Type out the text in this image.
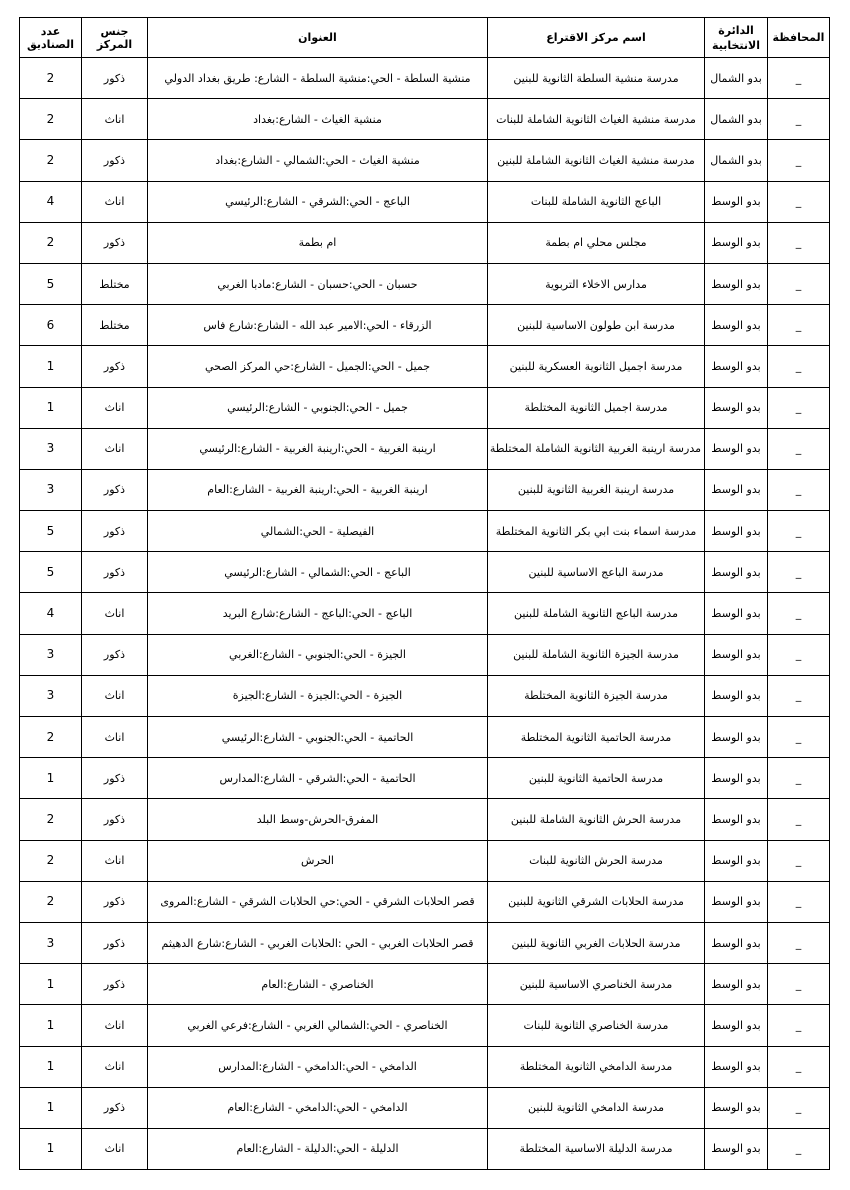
المحافظة	الدائرة الانتخابية	اسم مركز الاقتراع	العنوان	جنس المركز	عدد الصناديق
_	بدو الشمال	مدرسة منشية السلطة الثانوية للبنين	منشية السلطة - الحي:منشية السلطة - الشارع: طريق بغداد الدولي	ذكور	2
_	بدو الشمال	مدرسة منشية الغياث الثانوية الشاملة للبنات	منشية الغياث - الشارع:بغداد	اناث	2
_	بدو الشمال	مدرسة منشية الغياث الثانوية الشاملة للبنين	منشية الغياث - الحي:الشمالي - الشارع:بغداد	ذكور	2
_	بدو الوسط	الباعج الثانوية الشاملة للبنات	الباعج - الحي:الشرقي - الشارع:الرئيسي	اناث	4
_	بدو الوسط	مجلس محلي ام بطمة	ام بطمة	ذكور	2
_	بدو الوسط	مدارس الاخلاء التربوية	حسبان - الحي:حسبان - الشارع:مادبا الغربي	مختلط	5
_	بدو الوسط	مدرسة ابن طولون الاساسية للبنين	الزرقاء - الحي:الامير عبد الله - الشارع:شارع فاس	مختلط	6
_	بدو الوسط	مدرسة اجميل الثانوية العسكرية للبنين	جميل - الحي:الجميل - الشارع:حي المركز الصحي	ذكور	1
_	بدو الوسط	مدرسة اجميل الثانوية المختلطة	جميل - الحي:الجنوبي - الشارع:الرئيسي	اناث	1
_	بدو الوسط	مدرسة ارينبة الغربية الثانوية الشاملة المختلطة	ارينبة الغربية - الحي:ارينبة الغربية - الشارع:الرئيسي	اناث	3
_	بدو الوسط	مدرسة ارينبة الغربية الثانوية للبنين	ارينبة الغربية - الحي:ارينبة الغربية - الشارع:العام	ذكور	3
_	بدو الوسط	مدرسة اسماء بنت ابي بكر الثانوية المختلطة	الفيصلية - الحي:الشمالي	ذكور	5
_	بدو الوسط	مدرسة الباعج الاساسية للبنين	الباعج - الحي:الشمالي - الشارع:الرئيسي	ذكور	5
_	بدو الوسط	مدرسة الباعج الثانوية الشاملة للبنين	الباعج - الحي:الباعج - الشارع:شارع البريد	اناث	4
_	بدو الوسط	مدرسة الجيزة الثانوية الشاملة للبنين	الجيزة - الحي:الجنوبي - الشارع:الغربي	ذكور	3
_	بدو الوسط	مدرسة الجيزة الثانوية المختلطة	الجيزة - الحي:الجيزة - الشارع:الجيزة	اناث	3
_	بدو الوسط	مدرسة الحاتمية الثانوية المختلطة	الحاتمية - الحي:الجنوبي - الشارع:الرئيسي	اناث	2
_	بدو الوسط	مدرسة الحاتمية الثانوية للبنين	الحاتمية - الحي:الشرقي - الشارع:المدارس	ذكور	1
_	بدو الوسط	مدرسة الحرش الثانوية الشاملة للبنين	المفرق-الحرش-وسط البلد	ذكور	2
_	بدو الوسط	مدرسة الحرش الثانوية للبنات	الحرش	اناث	2
_	بدو الوسط	مدرسة الحلابات الشرقي الثانوية للبنين	قصر الحلابات الشرقي - الحي:حي الحلابات الشرقي - الشارع:المروى	ذكور	2
_	بدو الوسط	مدرسة الحلابات الغربي الثانوية للبنين	قصر الحلابات الغربي - الحي :الحلابات الغربي - الشارع:شارع الدهيثم	ذكور	3
_	بدو الوسط	مدرسة الخناصري الاساسية للبنين	الخناصري - الشارع:العام	ذكور	1
_	بدو الوسط	مدرسة الخناصري الثانوية للبنات	الخناصري - الحي:الشمالي الغربي - الشارع:فرعي الغربي	اناث	1
_	بدو الوسط	مدرسة الدامخي الثانوية المختلطة	الدامخي - الحي:الدامخي - الشارع:المدارس	اناث	1
_	بدو الوسط	مدرسة الدامخي الثانوية للبنين	الدامخي - الحي:الدامخي - الشارع:العام	ذكور	1
_	بدو الوسط	مدرسة الدليلة الاساسية المختلطة	الدليلة - الحي:الدليلة - الشارع:العام	اناث	1
